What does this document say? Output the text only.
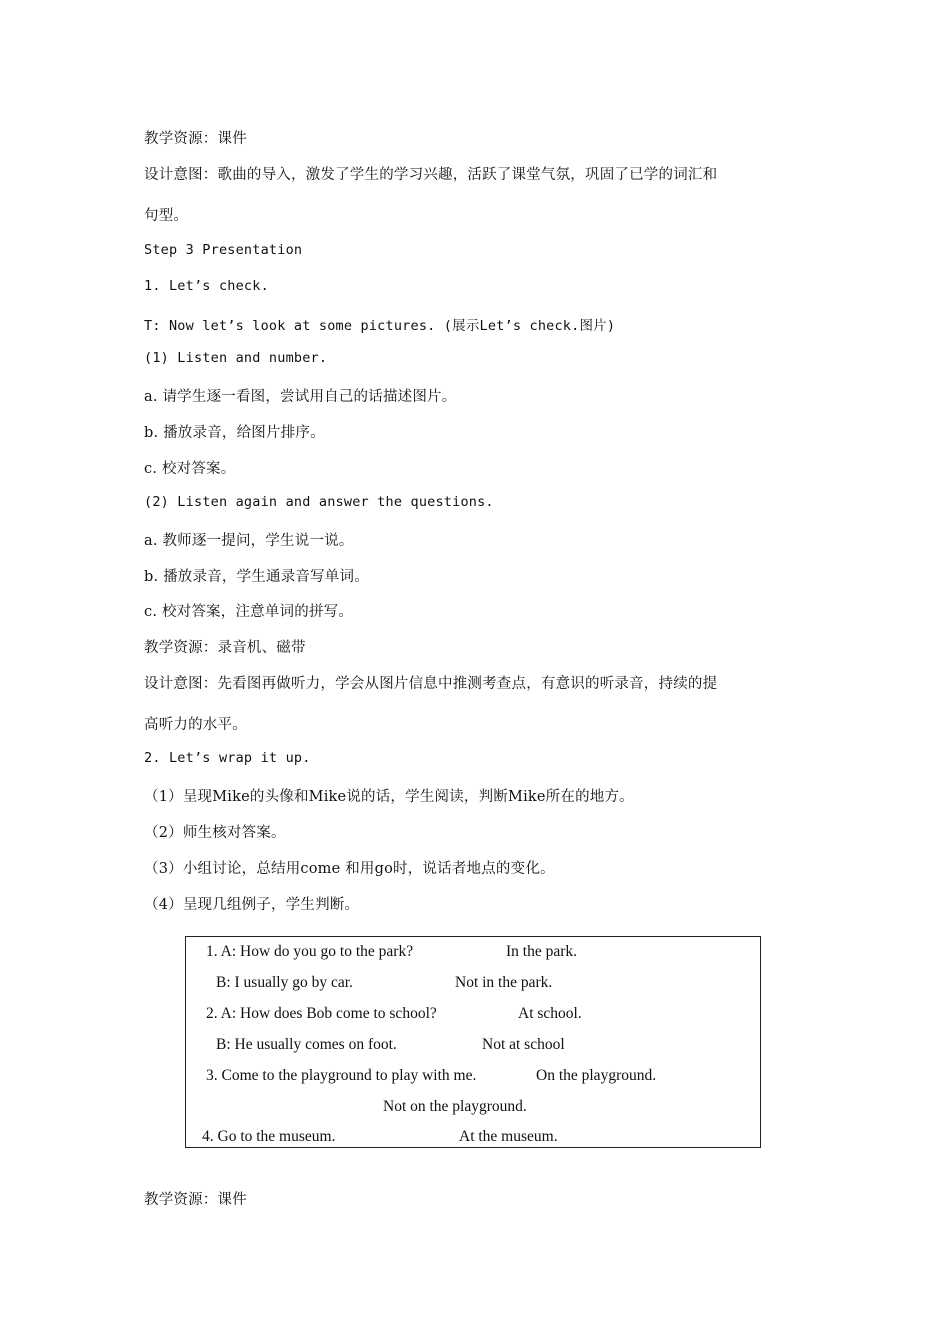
教学资源：课件
设计意图：歌曲的导入，激发了学生的学习兴趣，活跃了课堂气氛，巩固了已学的词汇和
句型。
Step 3 Presentation
1. Let’s check.
T: Now let’s look at some pictures. (展示Let’s check.图片)
(1) Listen and number.
a. 请学生逐一看图，尝试用自己的话描述图片。
b. 播放录音，给图片排序。
c. 校对答案。
(2) Listen again and answer the questions.
a. 教师逐一提问，学生说一说。
b. 播放录音，学生通录音写单词。
c. 校对答案，注意单词的拼写。
教学资源：录音机、磁带
设计意图：先看图再做听力，学会从图片信息中推测考查点，有意识的听录音，持续的提
高听力的水平。
2. Let’s wrap it up.
（1）呈现Mike的头像和Mike说的话，学生阅读，判断Mike所在的地方。
（2）师生核对答案。
（3）小组讨论，总结用come 和用go时，说话者地点的变化。
（4）呈现几组例子，学生判断。
1. A: How do you go to the park?	In the park.
B: I usually go by car.	Not in the park.
2. A: How does Bob come to school?	At school.
B: He usually comes on foot.	Not at school
3. Come to the playground to play with me.	On the playground.
Not on the playground.
4. Go to the museum.	At the museum.
教学资源：课件
